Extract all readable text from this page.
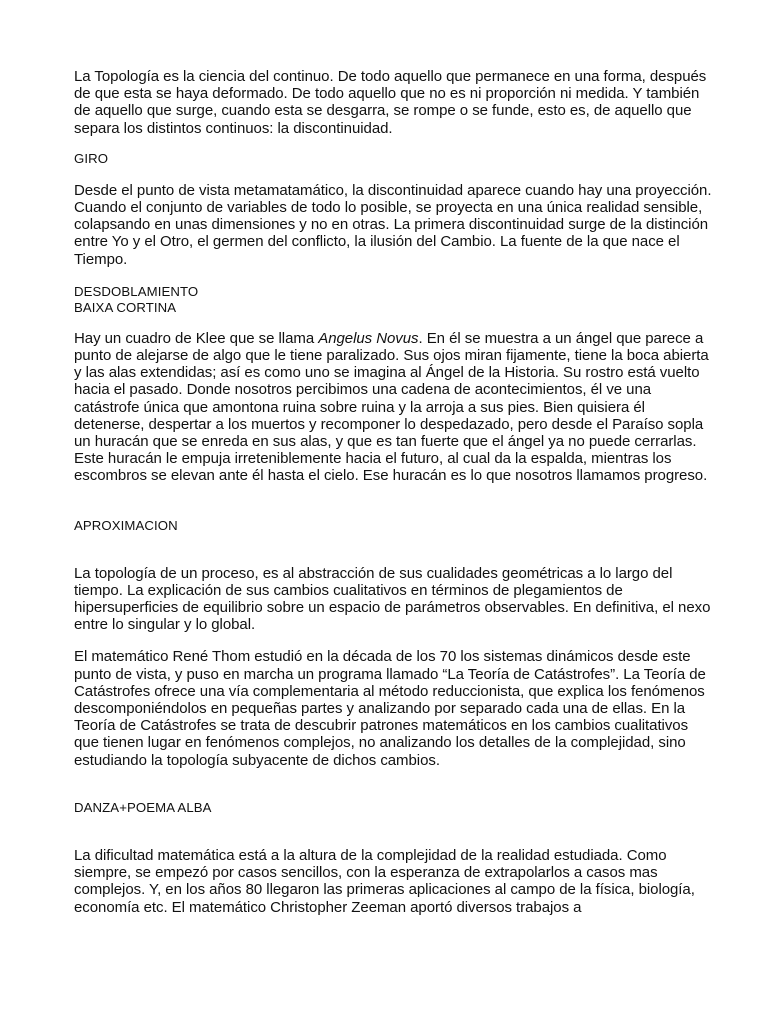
La Topología es la ciencia del continuo. De todo aquello que permanece en una forma, después de que esta se haya deformado. De todo aquello que no es ni proporción ni medida. Y también de aquello que surge, cuando esta se desgarra, se rompe o se funde, esto es, de aquello que separa los distintos continuos: la discontinuidad.

GIRO

Desde el punto de vista metamatamático, la discontinuidad aparece cuando hay una proyección. Cuando el conjunto de variables de todo lo posible, se proyecta en una única realidad sensible, colapsando en unas dimensiones y no en otras. La primera discontinuidad surge de la distinción entre Yo y el Otro, el germen del conflicto, la ilusión del Cambio. La fuente de la que nace el Tiempo.

DESDOBLAMIENTO

BAIXA CORTINA

Hay un cuadro de Klee que se llama Angelus Novus. En él se muestra a un ángel que parece a punto de alejarse de algo que le tiene paralizado. Sus ojos miran fijamente, tiene la boca abierta y las alas extendidas; así es como uno se imagina al Ángel de la Historia. Su rostro está vuelto hacia el pasado. Donde nosotros percibimos una cadena de acontecimientos, él ve una catástrofe única que amontona ruina sobre ruina y la arroja a sus pies. Bien quisiera él detenerse, despertar a los muertos y recomponer lo despedazado, pero desde el Paraíso sopla un huracán que se enreda en sus alas, y que es tan fuerte que el ángel ya no puede cerrarlas. Este huracán le empuja irreteniblemente hacia el futuro, al cual da la espalda, mientras los escombros se elevan ante él hasta el cielo. Ese huracán es lo que nosotros llamamos progreso.

APROXIMACION

La topología de un proceso, es al abstracción de sus cualidades geométricas a lo largo del tiempo. La explicación de sus cambios cualitativos en términos de plegamientos de hipersuperficies de equilibrio sobre un espacio de parámetros observables. En definitiva, el nexo entre lo singular y lo global.

El matemático René Thom estudió en la década de los 70 los sistemas dinámicos desde este punto de vista, y puso en marcha un programa llamado “La Teoría de Catástrofes”. La Teoría de Catástrofes ofrece una vía complementaria al método reduccionista, que explica los fenómenos descomponiéndolos en pequeñas partes y analizando por separado cada una de ellas. En la Teoría de Catástrofes se trata de descubrir patrones matemáticos en los cambios cualitativos que tienen lugar en fenómenos complejos, no analizando los detalles de la complejidad, sino estudiando la topología subyacente de dichos cambios.

DANZA+POEMA ALBA

La dificultad matemática está a la altura de la complejidad de la realidad estudiada. Como siempre, se empezó por casos sencillos, con la esperanza de extrapolarlos a casos mas complejos. Y, en los años 80 llegaron las primeras aplicaciones al campo de la física, biología, economía etc. El matemático Christopher Zeeman aportó diversos trabajos a
